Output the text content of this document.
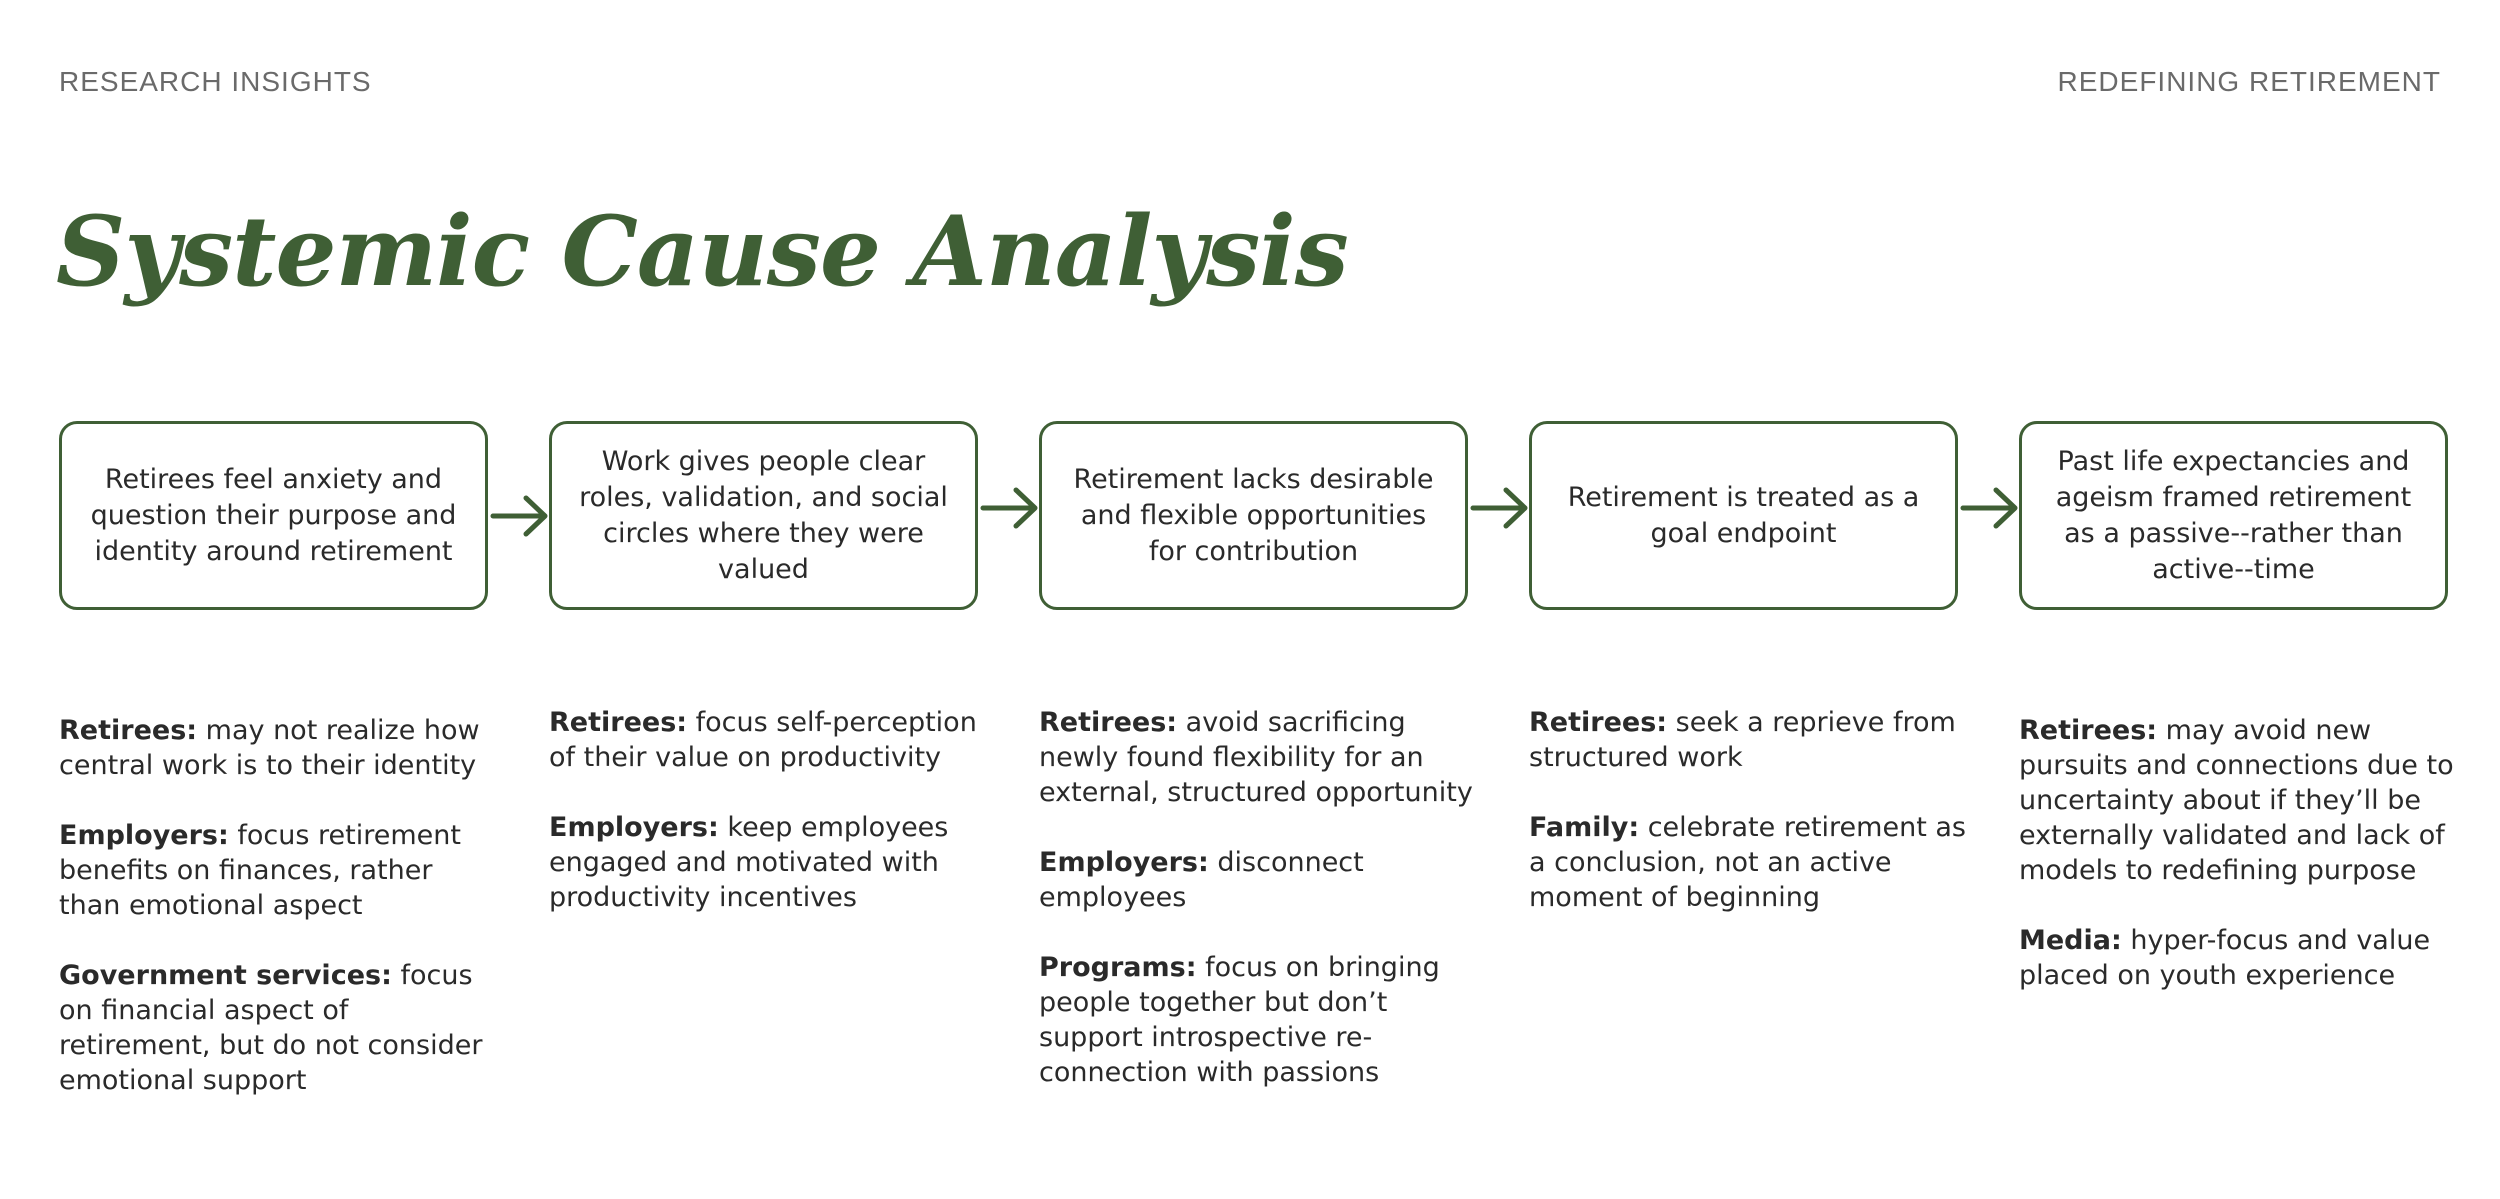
RESEARCH INSIGHTS	REDEFINING RETIREMENT
Systemic Cause Analysis
Retirees feel anxiety and question their purpose and identity around retirement
Work gives people clear roles, validation, and social circles where they were valued
Retirement lacks desirable and flexible opportunities for contribution
Retirement is treated as a goal endpoint
Past life expectancies and ageism framed retirement as a passive--rather than active--time

Retirees: may not realize how central work is to their identity

Employers: focus retirement benefits on finances, rather than emotional aspect

Government services: focus on financial aspect of retirement, but do not consider emotional support

Retirees: focus self-perception of their value on productivity

Employers: keep employees engaged and motivated with productivity incentives

Retirees: avoid sacrificing newly found flexibility for an external, structured opportunity

Employers: disconnect employees

Programs: focus on bringing people together but don’t support introspective re-connection with passions

Retirees: seek a reprieve from structured work

Family: celebrate retirement as a conclusion, not an active moment of beginning

Retirees: may avoid new pursuits and connections due to uncertainty about if they’ll be externally validated and lack of models to redefining purpose

Media: hyper-focus and value placed on youth experience
